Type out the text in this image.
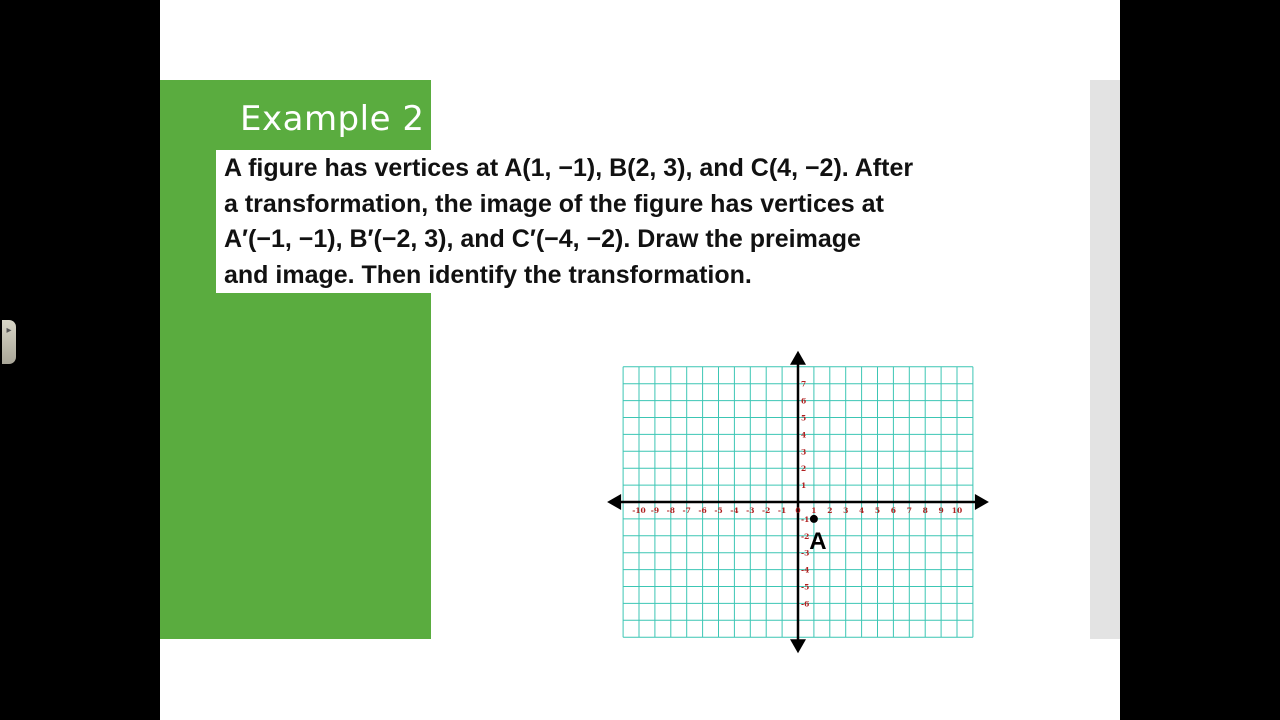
▸
Example 2
A figure has vertices at A(1, −1), B(2, 3), and C(4, −2). After
a transformation, the image of the figure has vertices at
A′(−1, −1), B′(−2, 3), and C′(−4, −2). Draw the preimage
and image. Then identify the transformation.
-10 -9 -8 -7 -6 -5 -4 -3 -2 -1 0 1 2 3 4 5 6 7 8 9 10
7
6
5
4
3
2
1
-1
-2
-3
-4
-5
-6
A
